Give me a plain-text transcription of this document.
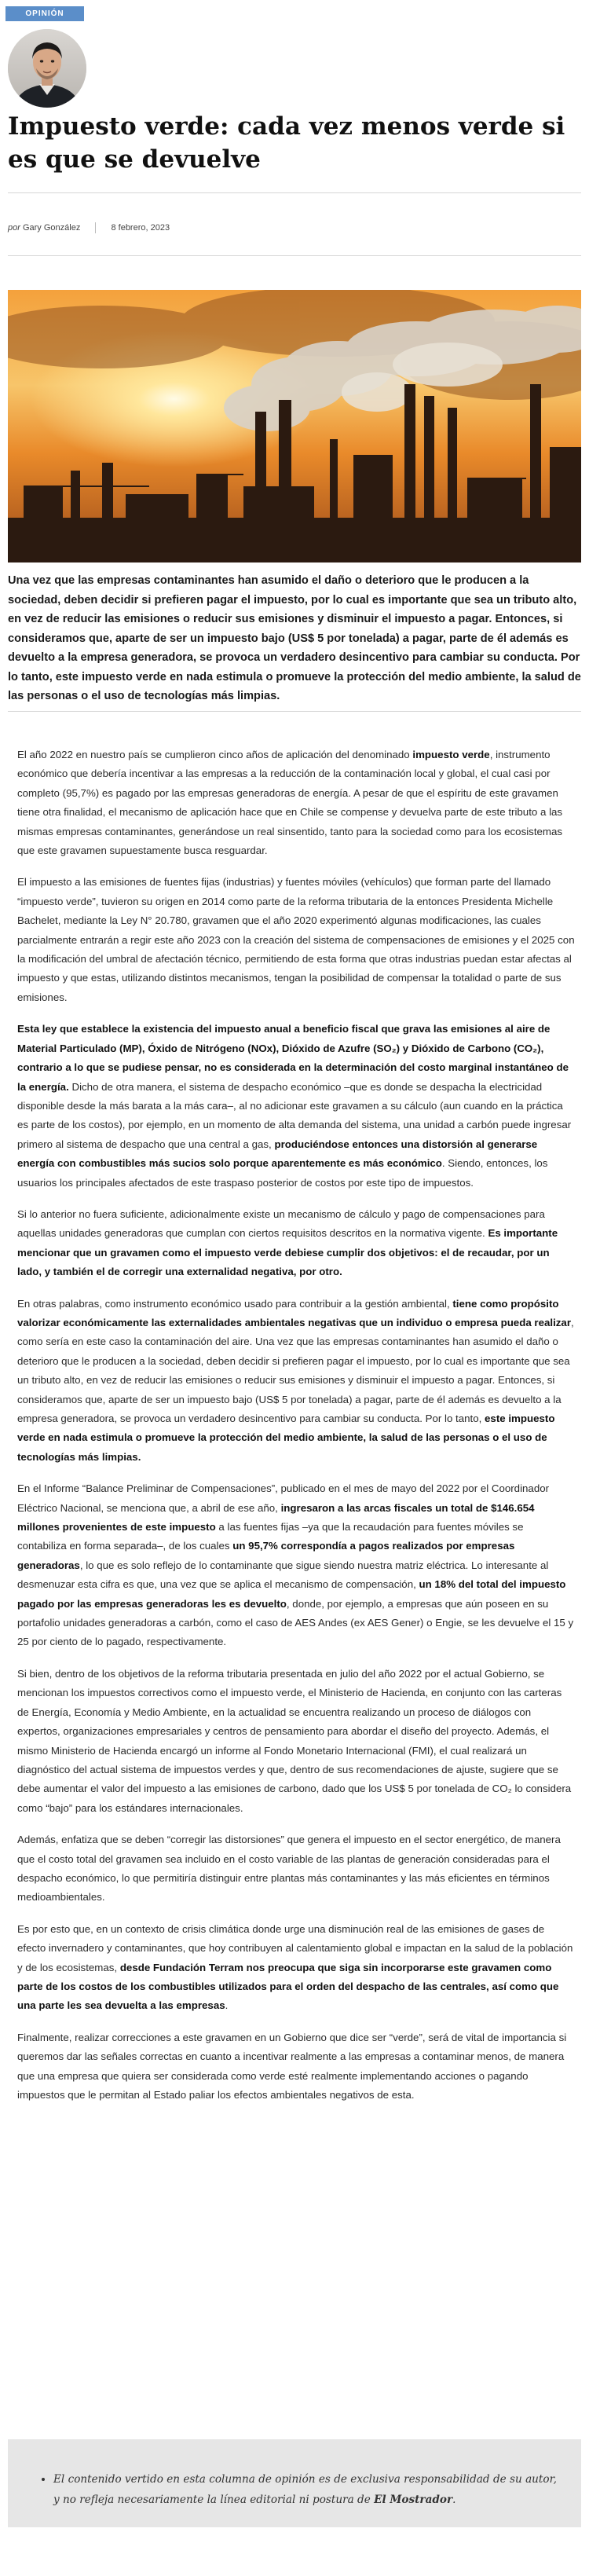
OPINIÓN
Impuesto verde: cada vez menos verde si es que se devuelve
por Gary González	8 febrero, 2023

Una vez que las empresas contaminantes han asumido el daño o deterioro que le producen a la sociedad, deben decidir si prefieren pagar el impuesto, por lo cual es importante que sea un tributo alto, en vez de reducir las emisiones o reducir sus emisiones y disminuir el impuesto a pagar. Entonces, si consideramos que, aparte de ser un impuesto bajo (US$ 5 por tonelada) a pagar, parte de él además es devuelto a la empresa generadora, se provoca un verdadero desincentivo para cambiar su conducta. Por lo tanto, este impuesto verde en nada estimula o promueve la protección del medio ambiente, la salud de las personas o el uso de tecnologías más limpias.

El año 2022 en nuestro país se cumplieron cinco años de aplicación del denominado impuesto verde, instrumento económico que debería incentivar a las empresas a la reducción de la contaminación local y global, el cual casi por completo (95,7%) es pagado por las empresas generadoras de energía. A pesar de que el espíritu de este gravamen tiene otra finalidad, el mecanismo de aplicación hace que en Chile se compense y devuelva parte de este tributo a las mismas empresas contaminantes, generándose un real sinsentido, tanto para la sociedad como para los ecosistemas que este gravamen supuestamente busca resguardar.

El impuesto a las emisiones de fuentes fijas (industrias) y fuentes móviles (vehículos) que forman parte del llamado “impuesto verde”, tuvieron su origen en 2014 como parte de la reforma tributaria de la entonces Presidenta Michelle Bachelet, mediante la Ley N° 20.780, gravamen que el año 2020 experimentó algunas modificaciones, las cuales parcialmente entrarán a regir este año 2023 con la creación del sistema de compensaciones de emisiones y el 2025 con la modificación del umbral de afectación técnico, permitiendo de esta forma que otras industrias puedan estar afectas al impuesto y que estas, utilizando distintos mecanismos, tengan la posibilidad de compensar la totalidad o parte de sus emisiones.

Esta ley que establece la existencia del impuesto anual a beneficio fiscal que grava las emisiones al aire de Material Particulado (MP), Óxido de Nitrógeno (NOx), Dióxido de Azufre (SO₂) y Dióxido de Carbono (CO₂), contrario a lo que se pudiese pensar, no es considerada en la determinación del costo marginal instantáneo de la energía. Dicho de otra manera, el sistema de despacho económico –que es donde se despacha la electricidad disponible desde la más barata a la más cara–, al no adicionar este gravamen a su cálculo (aun cuando en la práctica es parte de los costos), por ejemplo, en un momento de alta demanda del sistema, una unidad a carbón puede ingresar primero al sistema de despacho que una central a gas, produciéndose entonces una distorsión al generarse energía con combustibles más sucios solo porque aparentemente es más económico. Siendo, entonces, los usuarios los principales afectados de este traspaso posterior de costos por este tipo de impuestos.

Si lo anterior no fuera suficiente, adicionalmente existe un mecanismo de cálculo y pago de compensaciones para aquellas unidades generadoras que cumplan con ciertos requisitos descritos en la normativa vigente. Es importante mencionar que un gravamen como el impuesto verde debiese cumplir dos objetivos: el de recaudar, por un lado, y también el de corregir una externalidad negativa, por otro.

En otras palabras, como instrumento económico usado para contribuir a la gestión ambiental, tiene como propósito valorizar económicamente las externalidades ambientales negativas que un individuo o empresa pueda realizar, como sería en este caso la contaminación del aire. Una vez que las empresas contaminantes han asumido el daño o deterioro que le producen a la sociedad, deben decidir si prefieren pagar el impuesto, por lo cual es importante que sea un tributo alto, en vez de reducir las emisiones o reducir sus emisiones y disminuir el impuesto a pagar. Entonces, si consideramos que, aparte de ser un impuesto bajo (US$ 5 por tonelada) a pagar, parte de él además es devuelto a la empresa generadora, se provoca un verdadero desincentivo para cambiar su conducta. Por lo tanto, este impuesto verde en nada estimula o promueve la protección del medio ambiente, la salud de las personas o el uso de tecnologías más limpias.

En el Informe “Balance Preliminar de Compensaciones”, publicado en el mes de mayo del 2022 por el Coordinador Eléctrico Nacional, se menciona que, a abril de ese año, ingresaron a las arcas fiscales un total de $146.654 millones provenientes de este impuesto a las fuentes fijas –ya que la recaudación para fuentes móviles se contabiliza en forma separada–, de los cuales un 95,7% correspondía a pagos realizados por empresas generadoras, lo que es solo reflejo de lo contaminante que sigue siendo nuestra matriz eléctrica. Lo interesante al desmenuzar esta cifra es que, una vez que se aplica el mecanismo de compensación, un 18% del total del impuesto pagado por las empresas generadoras les es devuelto, donde, por ejemplo, a empresas que aún poseen en su portafolio unidades generadoras a carbón, como el caso de AES Andes (ex AES Gener) o Engie, se les devuelve el 15 y 25 por ciento de lo pagado, respectivamente.

Si bien, dentro de los objetivos de la reforma tributaria presentada en julio del año 2022 por el actual Gobierno, se mencionan los impuestos correctivos como el impuesto verde, el Ministerio de Hacienda, en conjunto con las carteras de Energía, Economía y Medio Ambiente, en la actualidad se encuentra realizando un proceso de diálogos con expertos, organizaciones empresariales y centros de pensamiento para abordar el diseño del proyecto. Además, el mismo Ministerio de Hacienda encargó un informe al Fondo Monetario Internacional (FMI), el cual realizará un diagnóstico del actual sistema de impuestos verdes y que, dentro de sus recomendaciones de ajuste, sugiere que se debe aumentar el valor del impuesto a las emisiones de carbono, dado que los US$ 5 por tonelada de CO₂ lo considera como “bajo” para los estándares internacionales.

Además, enfatiza que se deben “corregir las distorsiones” que genera el impuesto en el sector energético, de manera que el costo total del gravamen sea incluido en el costo variable de las plantas de generación consideradas para el despacho económico, lo que permitiría distinguir entre plantas más contaminantes y las más eficientes en términos medioambientales.

Es por esto que, en un contexto de crisis climática donde urge una disminución real de las emisiones de gases de efecto invernadero y contaminantes, que hoy contribuyen al calentamiento global e impactan en la salud de la población y de los ecosistemas, desde Fundación Terram nos preocupa que siga sin incorporarse este gravamen como parte de los costos de los combustibles utilizados para el orden del despacho de las centrales, así como que una parte les sea devuelta a las empresas.

Finalmente, realizar correcciones a este gravamen en un Gobierno que dice ser “verde”, será de vital de importancia si queremos dar las señales correctas en cuanto a incentivar realmente a las empresas a contaminar menos, de manera que una empresa que quiera ser considerada como verde esté realmente implementando acciones o pagando impuestos que le permitan al Estado paliar los efectos ambientales negativos de esta.

• El contenido vertido en esta columna de opinión es de exclusiva responsabilidad de su autor, y no refleja necesariamente la línea editorial ni postura de El Mostrador.
